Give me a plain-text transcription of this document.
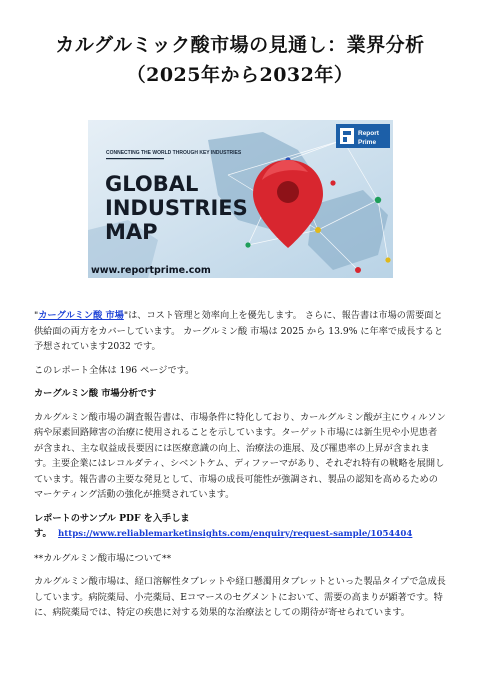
カルグルミック酸市場の見通し：業界分析
（2025年から2032年）
Report
Prime
CONNECTING THE WORLD THROUGH KEY INDUSTRIES
GLOBAL
INDUSTRIES
MAP
www.reportprime.com

"カーグルミン酸 市場"は、コスト管理と効率向上を優先します。 さらに、報告書は市場の需要面と供給面の両方をカバーしています。 カーグルミン酸 市場は 2025 から 13.9% に年率で成長すると予想されています2032 です。

このレポート全体は 196 ページです。

カーグルミン酸 市場分析です

カルグルミン酸市場の調査報告書は、市場条件に特化しており、カールグルミン酸が主にウィルソン病や尿素回路障害の治療に使用されることを示しています。ターゲット市場には新生児や小児患者が含まれ、主な収益成長要因には医療意識の向上、治療法の進展、及び罹患率の上昇が含まれます。主要企業にはレコルダティ、シベントケム、ディファーマがあり、それぞれ特有の戦略を展開しています。報告書の主要な発見として、市場の成長可能性が強調され、製品の認知を高めるためのマーケティング活動の強化が推奨されています。

レポートのサンプル PDF を入手しま
す。 https://www.reliablemarketinsights.com/enquiry/request-sample/1054404

**カルグルミン酸市場について**

カルグルミン酸市場は、経口溶解性タブレットや経口懸濁用タブレットといった製品タイプで急成長しています。病院薬局、小売薬局、Eコマースのセグメントにおいて、需要の高まりが顕著です。特に、病院薬局では、特定の疾患に対する効果的な治療法としての期待が寄せられています。
